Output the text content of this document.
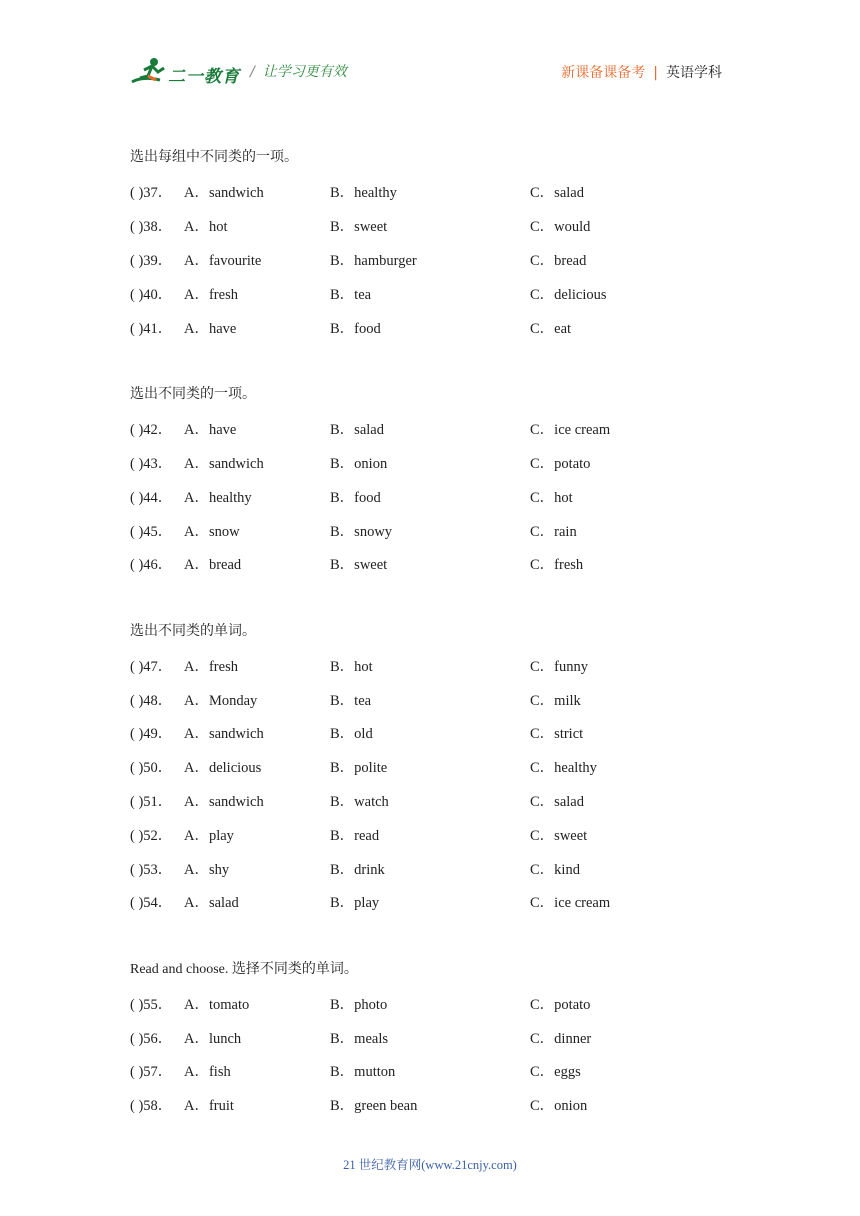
二一教育 / 让学习更有效	新课备课备考 | 英语学科
选出每组中不同类的一项。
( )37． A．sandwich	B．healthy	C．salad
( )38． A．hot	B．sweet	C．would
( )39． A．favourite	B．hamburger	C．bread
( )40． A．fresh	B．tea	C．delicious
( )41． A．have	B．food	C．eat
选出不同类的一项。
( )42． A．have	B．salad	C．ice cream
( )43． A．sandwich	B．onion	C．potato
( )44． A．healthy	B．food	C．hot
( )45． A．snow	B．snowy	C．rain
( )46． A．bread	B．sweet	C．fresh
选出不同类的单词。
( )47． A．fresh	B．hot	C．funny
( )48． A．Monday	B．tea	C．milk
( )49． A．sandwich	B．old	C．strict
( )50． A．delicious	B．polite	C．healthy
( )51． A．sandwich	B．watch	C．salad
( )52． A．play	B．read	C．sweet
( )53． A．shy	B．drink	C．kind
( )54． A．salad	B．play	C．ice cream
Read and choose. 选择不同类的单词。
( )55． A．tomato	B．photo	C．potato
( )56． A．lunch	B．meals	C．dinner
( )57． A．fish	B．mutton	C．eggs
( )58． A．fruit	B．green bean	C．onion
21 世纪教育网(www.21cnjy.com)
